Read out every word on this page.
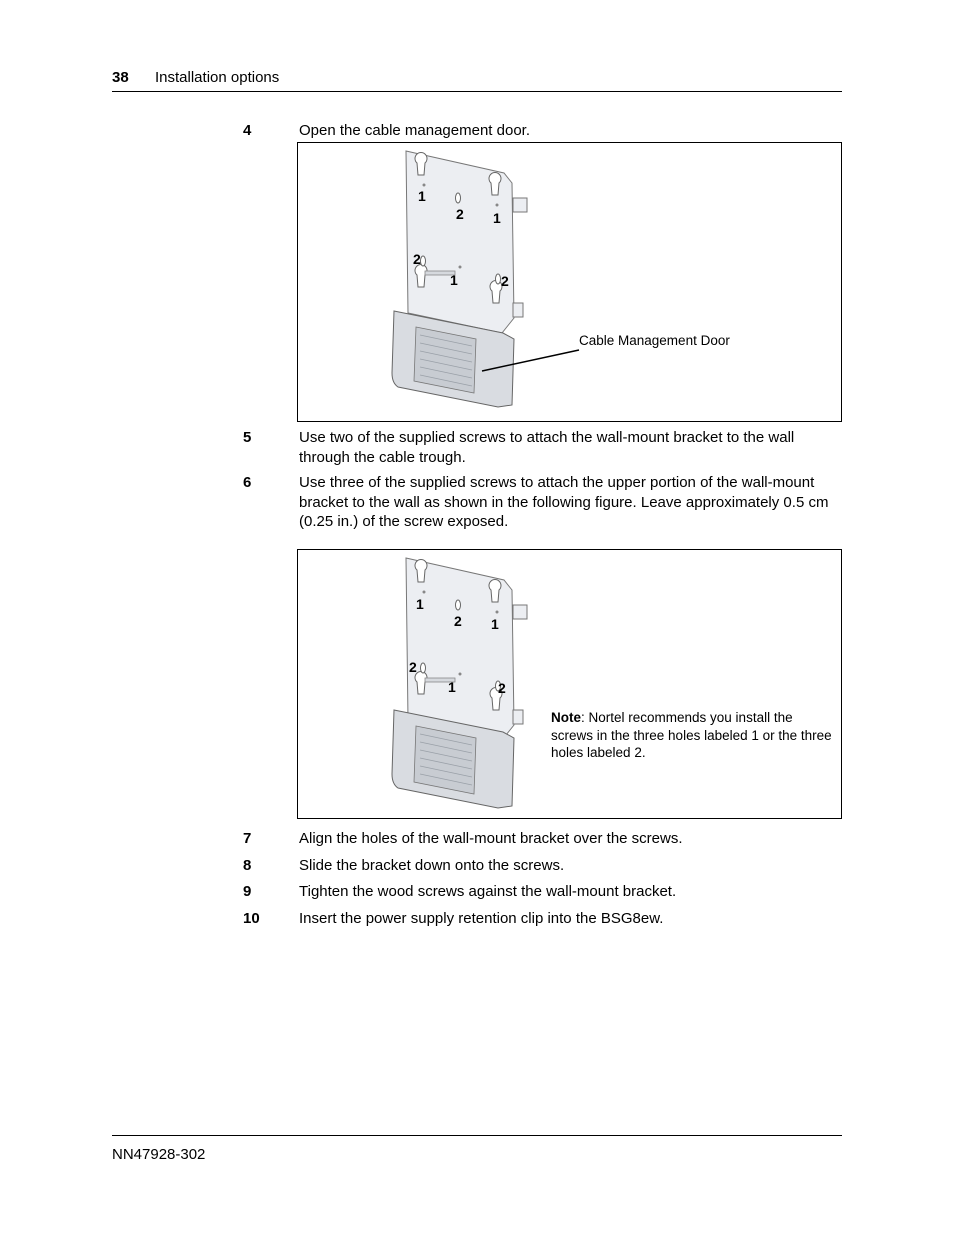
38 Installation options
4	Open the cable management door.
1
2 1
2
1	2
Cable Management Door
5	Use two of the supplied screws to attach the wall-mount bracket to the wall through the cable trough.
6	Use three of the supplied screws to attach the upper portion of the wall-mount bracket to the wall as shown in the following figure. Leave approximately 0.5 cm (0.25 in.) of the screw exposed.
1
2 1
2
1	2
Note: Nortel recommends you install the screws in the three holes labeled 1 or the three holes labeled 2.
7	Align the holes of the wall-mount bracket over the screws.
8	Slide the bracket down onto the screws.
9	Tighten the wood screws against the wall-mount bracket.
10	Insert the power supply retention clip into the BSG8ew.
NN47928-302
